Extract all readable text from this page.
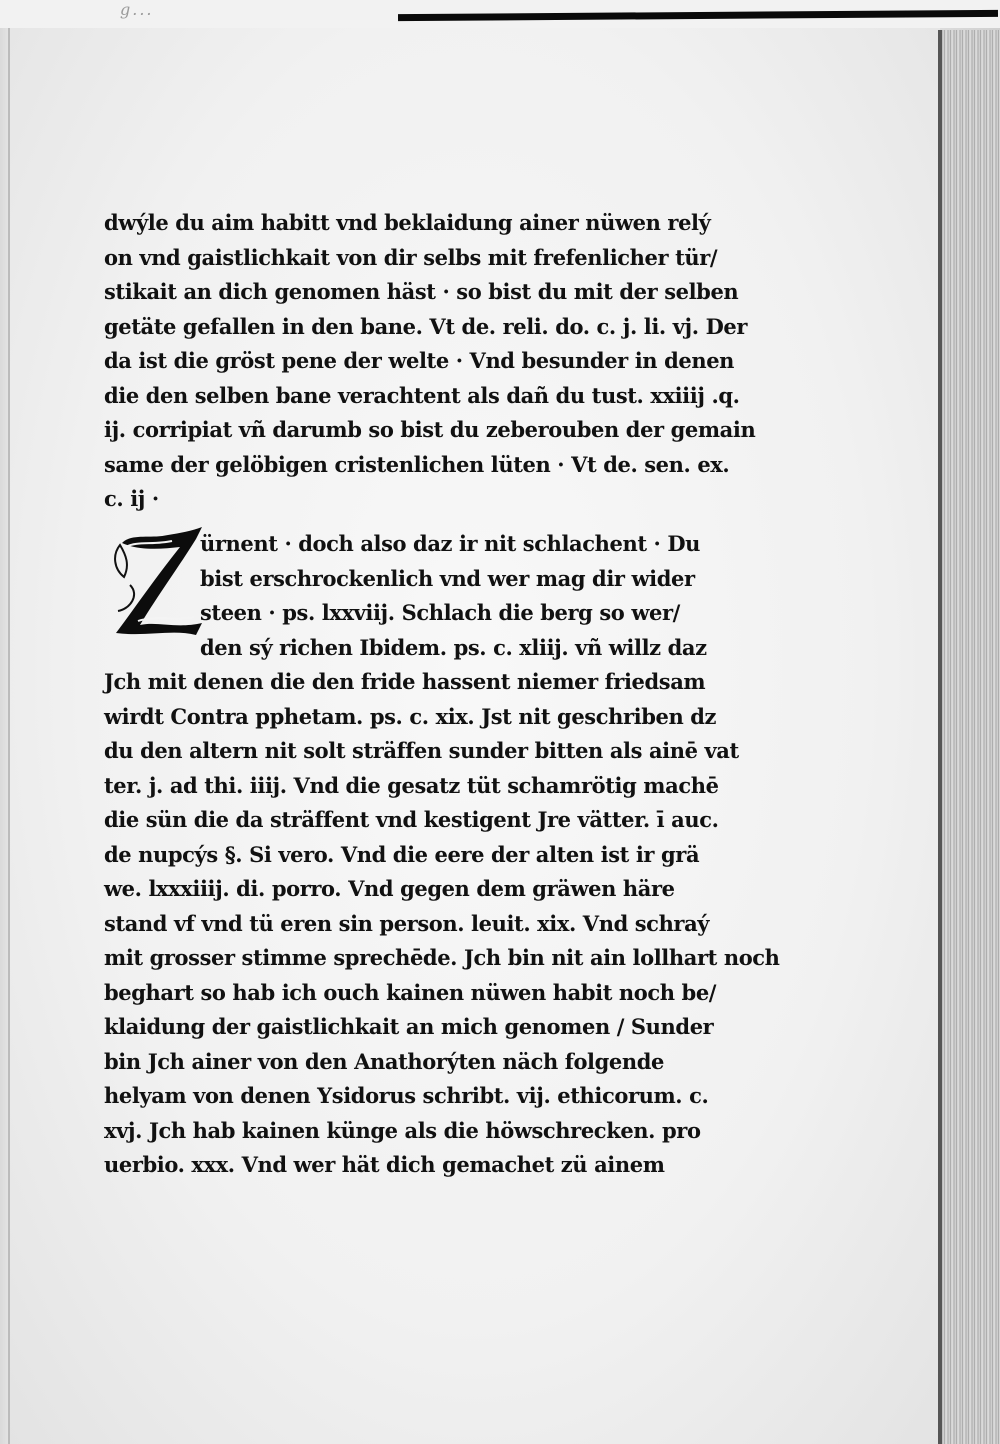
g...
dwýle du aim habitt vnd beklaidung ainer nüwen relý
on vnd gaistlichkait von dir selbs mit frefenlicher tür/
stikait an dich genomen häst · so bist du mit der selben
getäte gefallen in den bane. Vt de. reli. do. c. j. li. vj. Der
da ist die gröst pene der welte · Vnd besunder in denen
die den selben bane verachtent als dañ du tust. xxiiij .q.
ij. corripiat vñ darumb so bist du zeberouben der gemain
same der gelöbigen cristenlichen lüten · Vt de. sen. ex.
c. ij ·
Z
ürnent · doch also daz ir nit schlachent · Du
bist erschrockenlich vnd wer mag dir wider
steen · ps. lxxviij. Schlach die berg so wer/
den sý richen Ibidem. ps. c. xliij. vñ willz daz
Jch mit denen die den fride hassent niemer friedsam
wirdt Contra pphetam. ps. c. xix. Jst nit geschriben dz
du den altern nit solt sträffen sunder bitten als ainē vat
ter. j. ad thi. iiij. Vnd die gesatz tüt schamrötig machē
die sün die da sträffent vnd kestigent Jre vätter. ī auc.
de nupcýs §. Si vero. Vnd die eere der alten ist ir grä
we. lxxxiiij. di. porro. Vnd gegen dem gräwen häre
stand vf vnd tü eren sin person. leuit. xix. Vnd schraý
mit grosser stimme sprechēde. Jch bin nit ain lollhart noch
beghart so hab ich ouch kainen nüwen habit noch be/
klaidung der gaistlichkait an mich genomen / Sunder
bin Jch ainer von den Anathorýten näch folgende
helyam von denen Ysidorus schribt. vij. ethicorum. c.
xvj. Jch hab kainen künge als die höwschrecken. pro
uerbio. xxx. Vnd wer hät dich gemachet zü ainem
